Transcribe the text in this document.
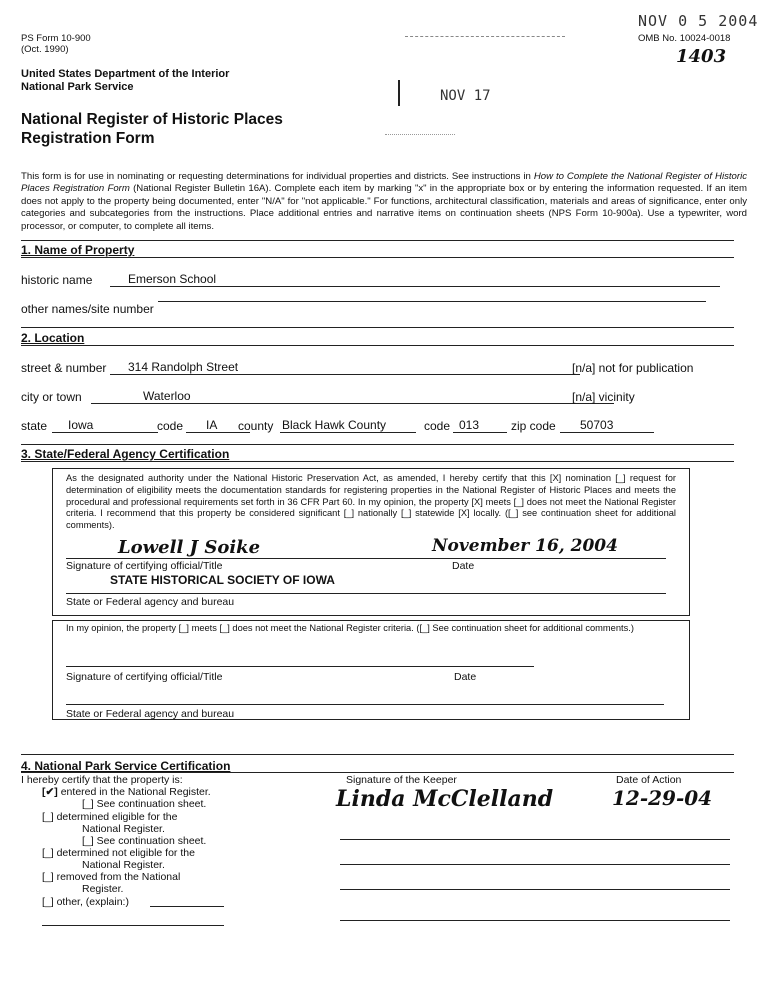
PS Form 10-900
(Oct. 1990)
NOV 0 5 2004
OMB No. 10024-0018
1403
NOV 17
United States Department of the Interior
National Park Service
National Register of Historic Places
Registration Form
This form is for use in nominating or requesting determinations for individual properties and districts. See instructions in How to Complete the National Register of Historic Places Registration Form (National Register Bulletin 16A). Complete each item by marking "x" in the appropriate box or by entering the information requested. If an item does not apply to the property being documented, enter "N/A" for "not applicable." For functions, architectural classification, materials and areas of significance, enter only categories and subcategories from the instructions. Place additional entries and narrative items on continuation sheets (NPS Form 10-900a). Use a typewriter, word processor, or computer, to complete all items.
1. Name of Property
historic name	Emerson School
other names/site number
2. Location
street & number	314 Randolph Street	[n/a] not for publication
city or town	Waterloo	[n/a] vicinity
state	Iowa	code	IA	county Black Hawk County	code 013	zip code	50703
3. State/Federal Agency Certification
As the designated authority under the National Historic Preservation Act, as amended, I hereby certify that this [X] nomination [_] request for determination of eligibility meets the documentation standards for registering properties in the National Register of Historic Places and meets the procedural and professional requirements set forth in 36 CFR Part 60. In my opinion, the property [X] meets [_] does not meet the National Register criteria. I recommend that this property be considered significant [_] nationally [_] statewide [X] locally. ([_] see continuation sheet for additional comments).
Lowell J Soike	November 16, 2004
Signature of certifying official/Title	Date
STATE HISTORICAL SOCIETY OF IOWA
State or Federal agency and bureau
In my opinion, the property [_] meets [_] does not meet the National Register criteria. ([_] See continuation sheet for additional comments.)
Signature of certifying official/Title	Date
State or Federal agency and bureau
4. National Park Service Certification
I hereby certify that the property is:
[✔] entered in the National Register.
[_] See continuation sheet.
[_] determined eligible for the
National Register.
[_] See continuation sheet.
[_] determined not eligible for the
National Register.
[_] removed from the National
Register.
[_] other, (explain:)
Signature of the Keeper	Date of Action
Linda McClelland	12-29-04
